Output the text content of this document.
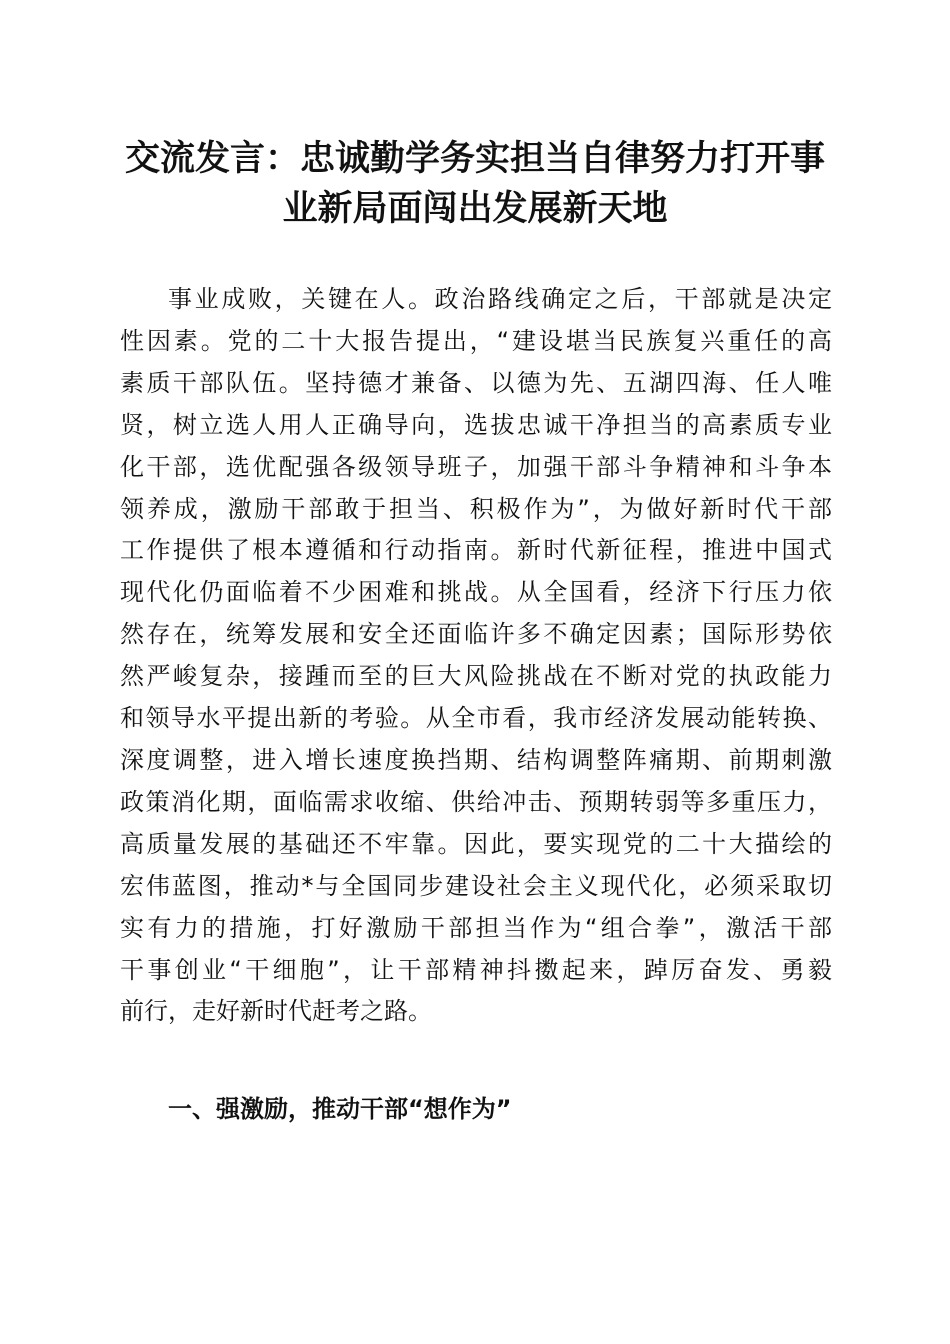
交流发言：忠诚勤学务实担当自律努力打开事
业新局面闯出发展新天地
事业成败，关键在人。政治路线确定之后，干部就是决定
性因素。党的二十大报告提出，“建设堪当民族复兴重任的高
素质干部队伍。坚持德才兼备、以德为先、五湖四海、任人唯
贤，树立选人用人正确导向，选拔忠诚干净担当的高素质专业
化干部，选优配强各级领导班子，加强干部斗争精神和斗争本
领养成，激励干部敢于担当、积极作为”，为做好新时代干部
工作提供了根本遵循和行动指南。新时代新征程，推进中国式
现代化仍面临着不少困难和挑战。从全国看，经济下行压力依
然存在，统筹发展和安全还面临许多不确定因素；国际形势依
然严峻复杂，接踵而至的巨大风险挑战在不断对党的执政能力
和领导水平提出新的考验。从全市看，我市经济发展动能转换、
深度调整，进入增长速度换挡期、结构调整阵痛期、前期刺激
政策消化期，面临需求收缩、供给冲击、预期转弱等多重压力，
高质量发展的基础还不牢靠。因此，要实现党的二十大描绘的
宏伟蓝图，推动*与全国同步建设社会主义现代化，必须采取切
实有力的措施，打好激励干部担当作为“组合拳”，激活干部
干事创业“干细胞”，让干部精神抖擞起来，踔厉奋发、勇毅
前行，走好新时代赶考之路。
一、强激励，推动干部“想作为”
